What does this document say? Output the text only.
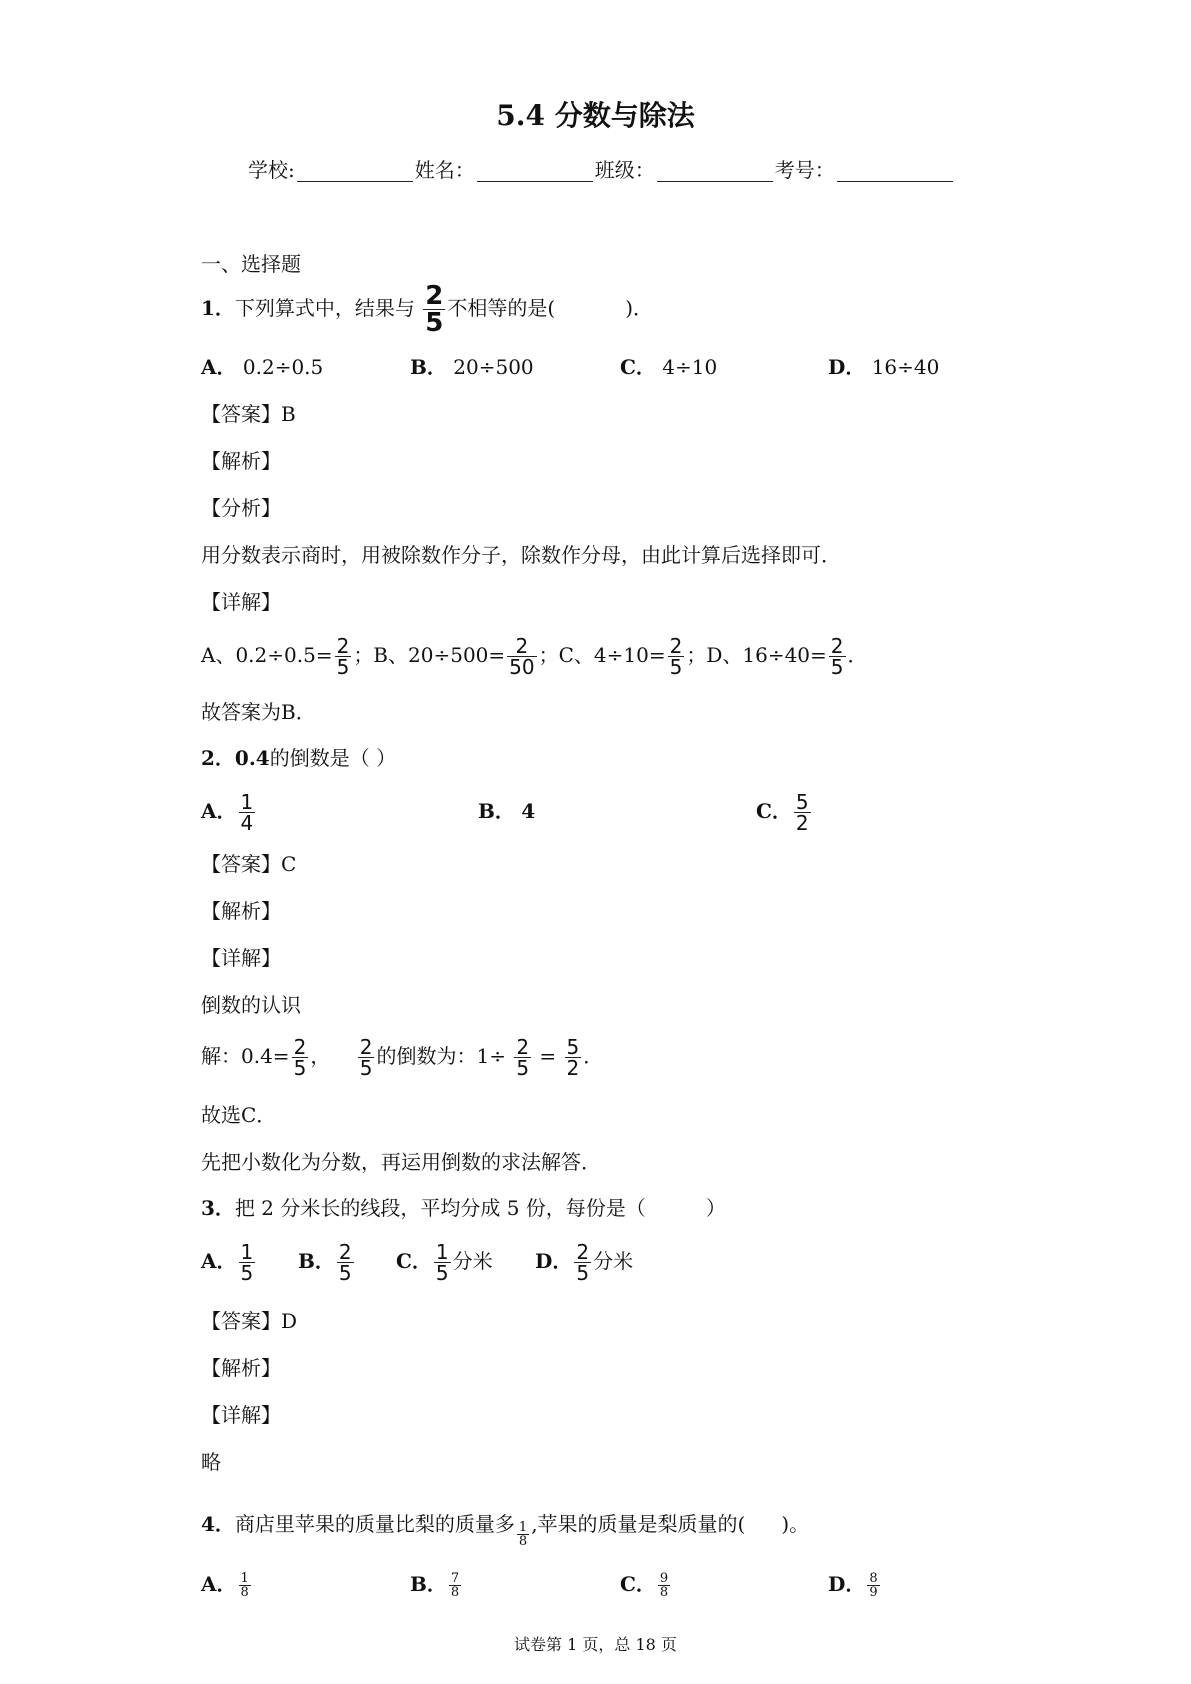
5.4 分数与除法
学校:	姓名：	班级：	考号：
一、选择题
1．下列算式中，结果与 $\frac{2}{5}$ 不相等的是(	)．
A． 0.2÷0.5	B． 20÷500	C． 4÷10	D． 16÷40
【答案】B
【解析】
【分析】
用分数表示商时，用被除数作分子，除数作分母，由此计算后选择即可．
【详解】
A、$0.2\div 0.5= \frac{2}{5}$ ；B、$20\div 500= \frac{2}{50}$ ；C、$4\div 10= \frac{2}{5}$ ；D、$16\div 40= \frac{2}{5}$ ．
故答案为B．
2．0.4的倒数是（ ）
A． $\frac{1}{4}$	B． 4	C． $\frac{5}{2}$
【答案】C
【解析】
【详解】
倒数的认识
解：$0.4= \frac{2}{5}$ ， $\frac{2}{5}$ 的倒数为：$1\div \frac{2}{5} = \frac{5}{2}$ ．
故选C．
先把小数化为分数，再运用倒数的求法解答．
3．把 2 分米长的线段，平均分成 5 份，每份是（	）
A． $\frac{1}{5}$ B． $\frac{2}{5}$ C． $\frac{1}{5}$ 分米 D． $\frac{2}{5}$ 分米
【答案】D
【解析】
【详解】
略
4．商店里苹果的质量比梨的质量多 $\frac{1}{8}$ ,苹果的质量是梨质量的( )。
A． $\frac{1}{8}$	B． $\frac{7}{8}$	C． $\frac{9}{8}$	D． $\frac{8}{9}$
试卷第 1 页，总 18 页
